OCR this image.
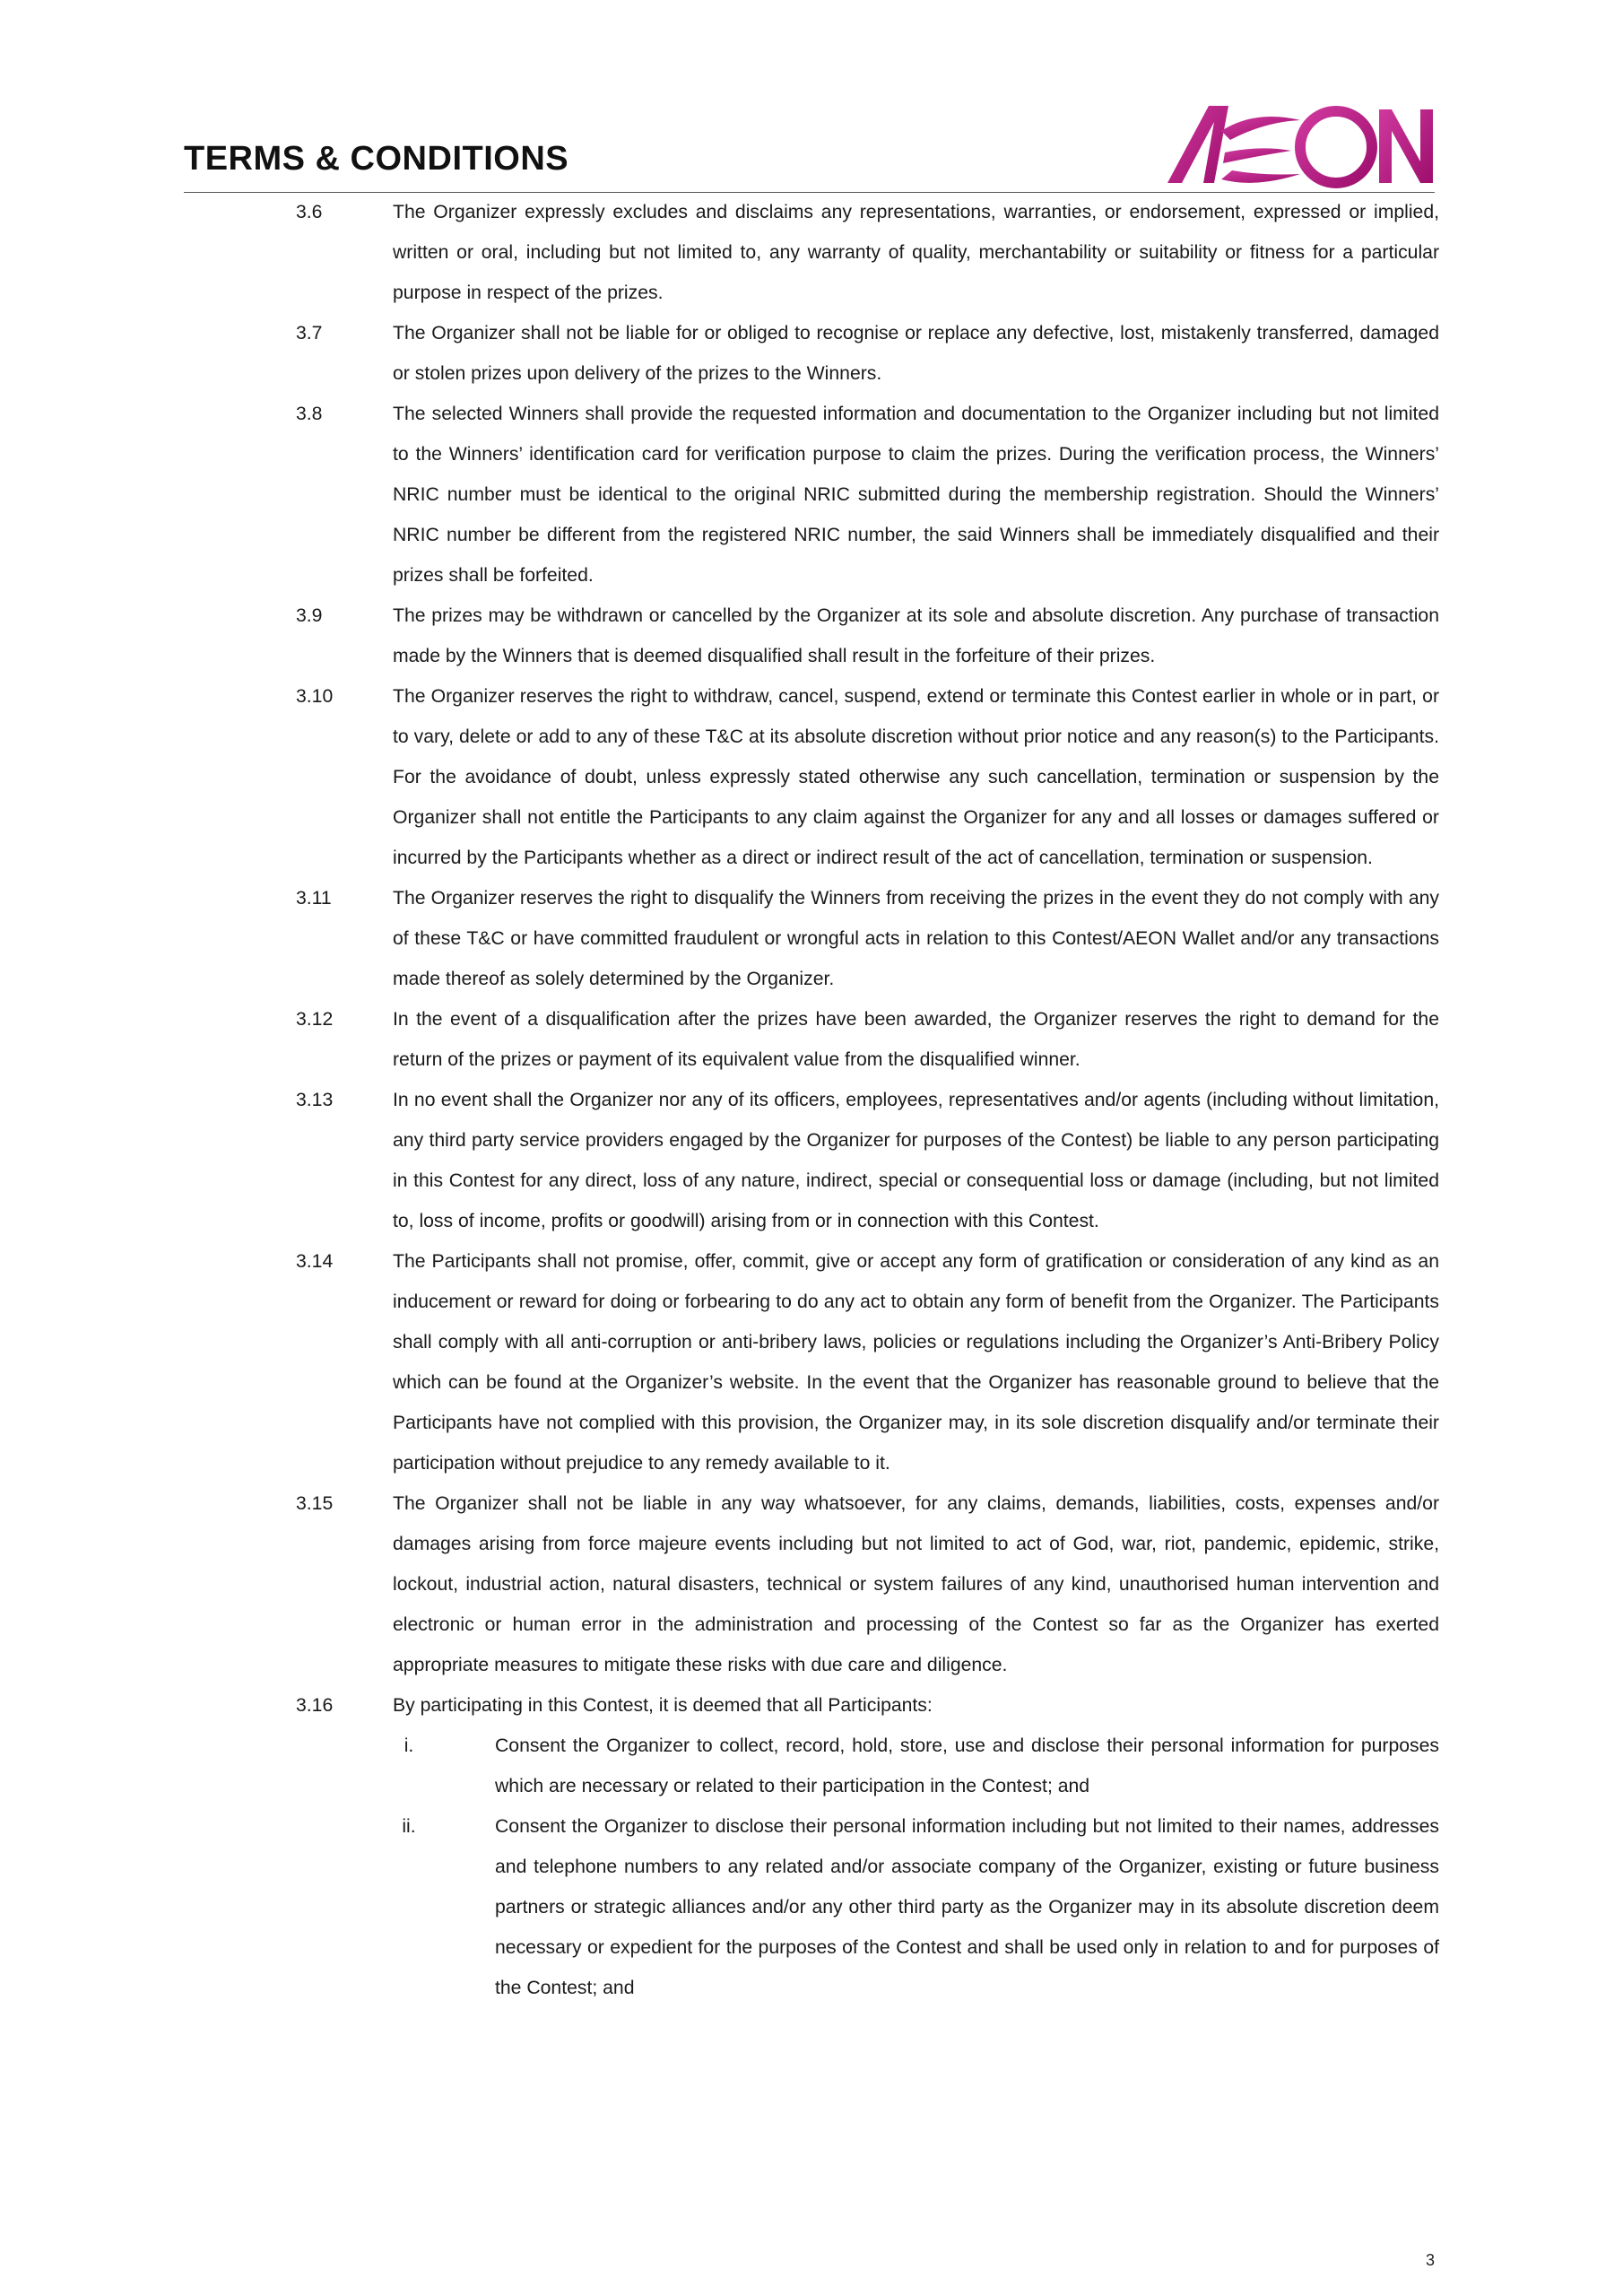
TERMS & CONDITIONS
3.6	The Organizer expressly excludes and disclaims any representations, warranties, or endorsement, expressed or implied, written or oral, including but not limited to, any warranty of quality, merchantability or suitability or fitness for a particular purpose in respect of the prizes.
3.7	The Organizer shall not be liable for or obliged to recognise or replace any defective, lost, mistakenly transferred, damaged or stolen prizes upon delivery of the prizes to the Winners.
3.8	The selected Winners shall provide the requested information and documentation to the Organizer including but not limited to the Winners’ identification card for verification purpose to claim the prizes. During the verification process, the Winners’ NRIC number must be identical to the original NRIC submitted during the membership registration. Should the Winners’ NRIC number be different from the registered NRIC number, the said Winners shall be immediately disqualified and their prizes shall be forfeited.
3.9	The prizes may be withdrawn or cancelled by the Organizer at its sole and absolute discretion. Any purchase of transaction made by the Winners that is deemed disqualified shall result in the forfeiture of their prizes.
3.10	The Organizer reserves the right to withdraw, cancel, suspend, extend or terminate this Contest earlier in whole or in part, or to vary, delete or add to any of these T&C at its absolute discretion without prior notice and any reason(s) to the Participants. For the avoidance of doubt, unless expressly stated otherwise any such cancellation, termination or suspension by the Organizer shall not entitle the Participants to any claim against the Organizer for any and all losses or damages suffered or incurred by the Participants whether as a direct or indirect result of the act of cancellation, termination or suspension.
3.11	The Organizer reserves the right to disqualify the Winners from receiving the prizes in the event they do not comply with any of these T&C or have committed fraudulent or wrongful acts in relation to this Contest/AEON Wallet and/or any transactions made thereof as solely determined by the Organizer.
3.12	In the event of a disqualification after the prizes have been awarded, the Organizer reserves the right to demand for the return of the prizes or payment of its equivalent value from the disqualified winner.
3.13	In no event shall the Organizer nor any of its officers, employees, representatives and/or agents (including without limitation, any third party service providers engaged by the Organizer for purposes of the Contest) be liable to any person participating in this Contest for any direct, loss of any nature, indirect, special or consequential loss or damage (including, but not limited to, loss of income, profits or goodwill) arising from or in connection with this Contest.
3.14	The Participants shall not promise, offer, commit, give or accept any form of gratification or consideration of any kind as an inducement or reward for doing or forbearing to do any act to obtain any form of benefit from the Organizer. The Participants shall comply with all anti-corruption or anti-bribery laws, policies or regulations including the Organizer’s Anti-Bribery Policy which can be found at the Organizer’s website. In the event that the Organizer has reasonable ground to believe that the Participants have not complied with this provision, the Organizer may, in its sole discretion disqualify and/or terminate their participation without prejudice to any remedy available to it.
3.15	The Organizer shall not be liable in any way whatsoever, for any claims, demands, liabilities, costs, expenses and/or damages arising from force majeure events including but not limited to act of God, war, riot, pandemic, epidemic, strike, lockout, industrial action, natural disasters, technical or system failures of any kind, unauthorised human intervention and electronic or human error in the administration and processing of the Contest so far as the Organizer has exerted appropriate measures to mitigate these risks with due care and diligence.
3.16	By participating in this Contest, it is deemed that all Participants:
i.	Consent the Organizer to collect, record, hold, store, use and disclose their personal information for purposes which are necessary or related to their participation in the Contest; and
ii.	Consent the Organizer to disclose their personal information including but not limited to their names, addresses and telephone numbers to any related and/or associate company of the Organizer, existing or future business partners or strategic alliances and/or any other third party as the Organizer may in its absolute discretion deem necessary or expedient for the purposes of the Contest and shall be used only in relation to and for purposes of the Contest; and
3
